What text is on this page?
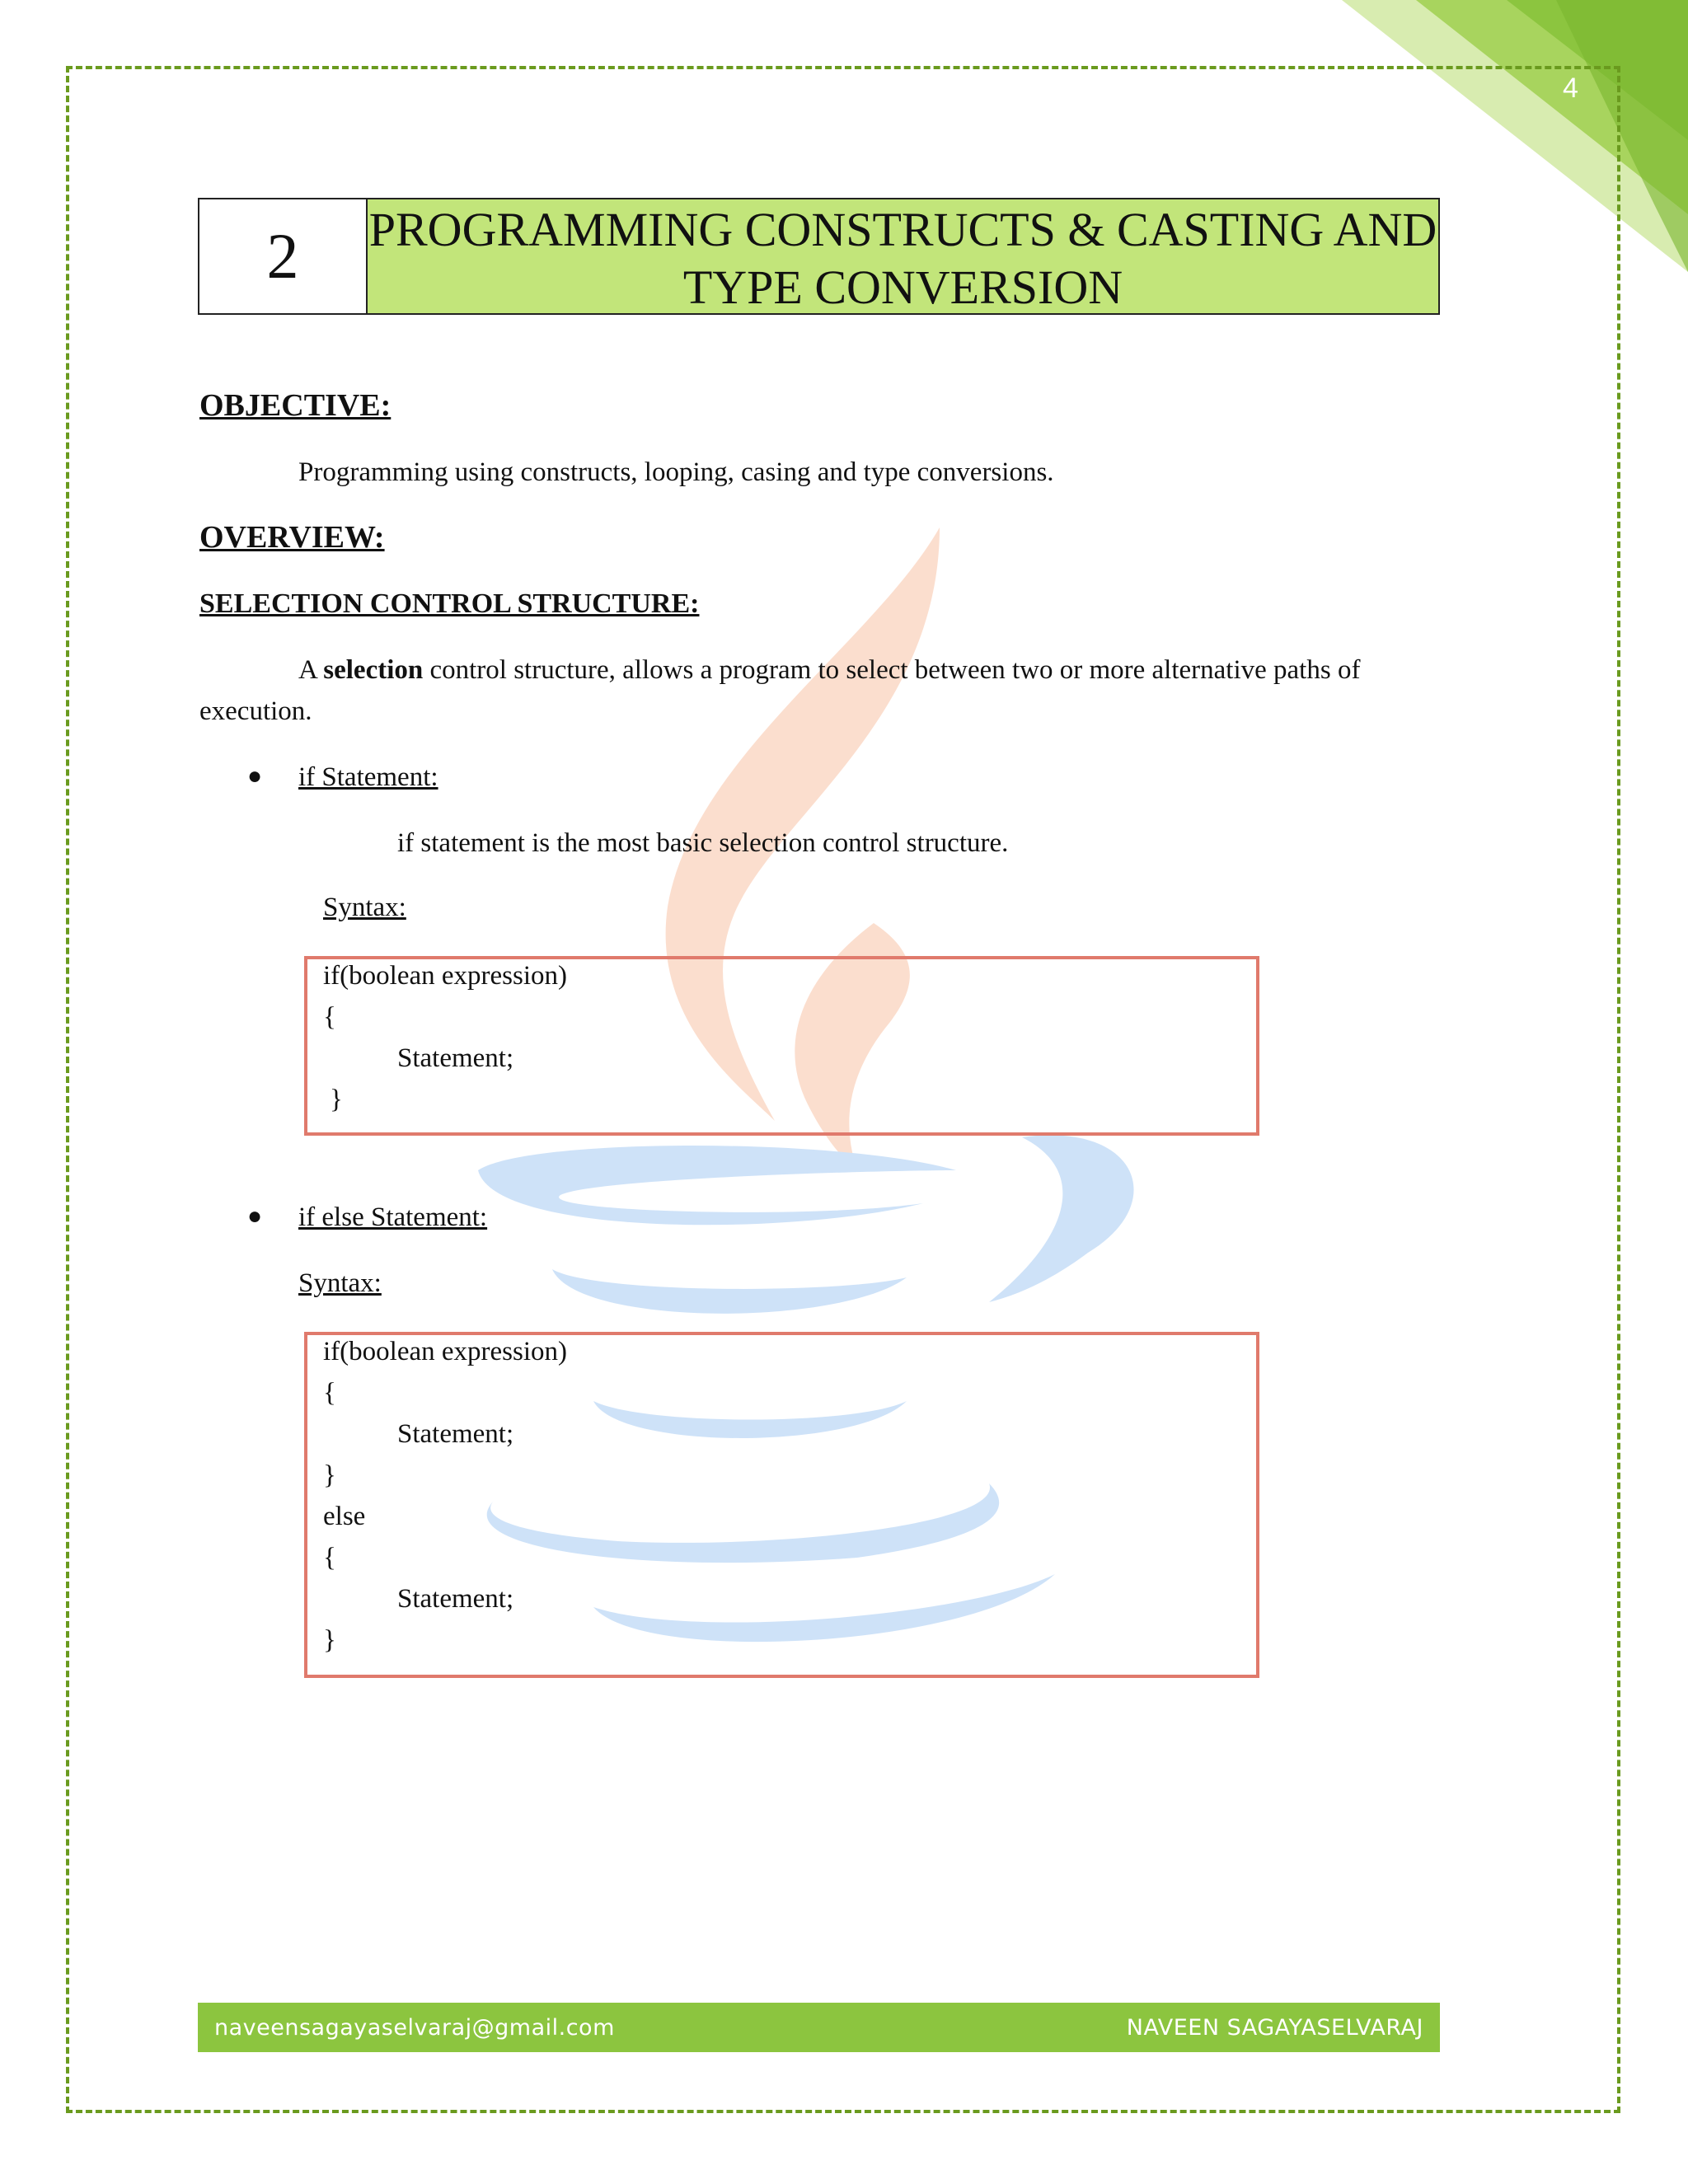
4
2	PROGRAMMING CONSTRUCTS & CASTING AND TYPE CONVERSION
OBJECTIVE:
Programming using constructs, looping, casing and type conversions.
OVERVIEW:
SELECTION CONTROL STRUCTURE:
A selection control structure, allows a program to select between two or more alternative paths of
execution.
● if Statement:
if statement is the most basic selection control structure.
Syntax:
if(boolean expression)
{
Statement;
}
● if else Statement:
Syntax:
if(boolean expression)
{
Statement;
}
else
{
Statement;
}
naveensagayaselvaraj@gmail.com	NAVEEN SAGAYASELVARAJ
